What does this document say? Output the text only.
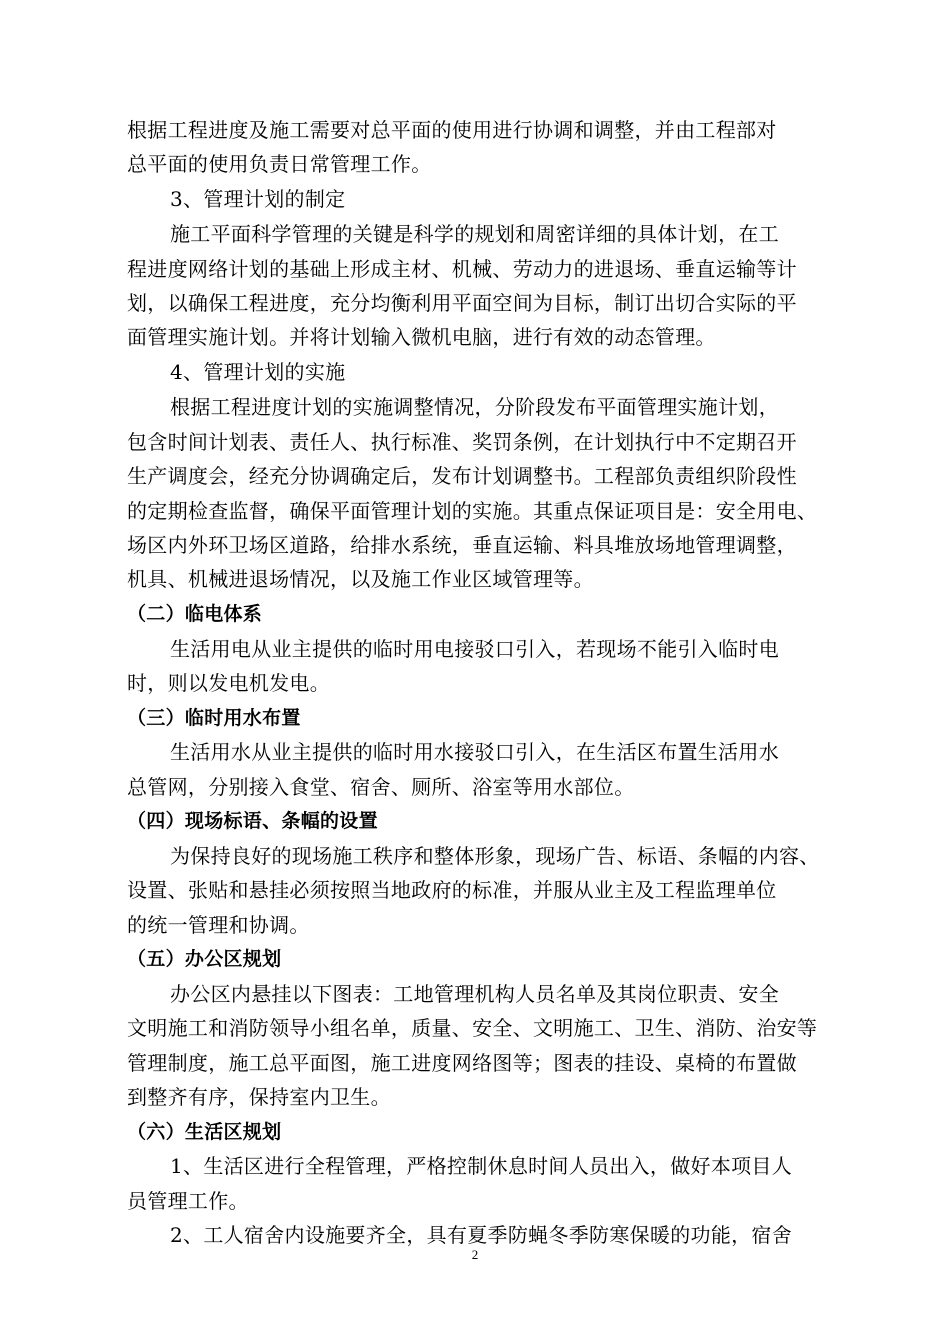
根据工程进度及施工需要对总平面的使用进行协调和调整，并由工程部对
总平面的使用负责日常管理工作。
3、管理计划的制定
施工平面科学管理的关键是科学的规划和周密详细的具体计划，在工
程进度网络计划的基础上形成主材、机械、劳动力的进退场、垂直运输等计
划，以确保工程进度，充分均衡利用平面空间为目标，制订出切合实际的平
面管理实施计划。并将计划输入微机电脑，进行有效的动态管理。
4、管理计划的实施
根据工程进度计划的实施调整情况，分阶段发布平面管理实施计划，
包含时间计划表、责任人、执行标准、奖罚条例，在计划执行中不定期召开
生产调度会，经充分协调确定后，发布计划调整书。工程部负责组织阶段性
的定期检查监督，确保平面管理计划的实施。其重点保证项目是：安全用电、
场区内外环卫场区道路，给排水系统，垂直运输、料具堆放场地管理调整，
机具、机械进退场情况，以及施工作业区域管理等。
（二）临电体系
生活用电从业主提供的临时用电接驳口引入，若现场不能引入临时电
时，则以发电机发电。
（三）临时用水布置
生活用水从业主提供的临时用水接驳口引入，在生活区布置生活用水
总管网，分别接入食堂、宿舍、厕所、浴室等用水部位。
（四）现场标语、条幅的设置
为保持良好的现场施工秩序和整体形象，现场广告、标语、条幅的内容、
设置、张贴和悬挂必须按照当地政府的标准，并服从业主及工程监理单位
的统一管理和协调。
（五）办公区规划
办公区内悬挂以下图表：工地管理机构人员名单及其岗位职责、安全
文明施工和消防领导小组名单，质量、安全、文明施工、卫生、消防、治安等
管理制度，施工总平面图，施工进度网络图等；图表的挂设、桌椅的布置做
到整齐有序，保持室内卫生。
（六）生活区规划
1、生活区进行全程管理，严格控制休息时间人员出入，做好本项目人
员管理工作。
2、工人宿舍内设施要齐全，具有夏季防蝇冬季防寒保暖的功能，宿舍
2
